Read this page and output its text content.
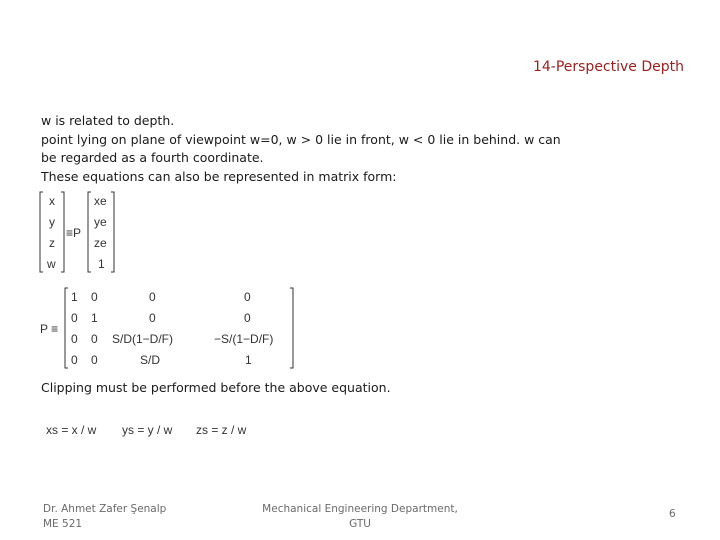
14-Perspective Depth
w is related to depth.
point lying on plane of viewpoint w=0, w > 0 lie in front, w < 0 lie in behind. w can
be regarded as a fourth coordinate.
These equations can also be represented in matrix form:
x
y
z
w
≡P
xe
ye
ze
1
P ≡
1 0	0	0
0 1	0	0
0 0 S/D(1−D/F)	−S/(1−D/F)
0 0	S/D	1
Clipping must be performed before the above equation.
xs = x / w ys = y / w zs = z / w
Dr. Ahmet Zafer Şenalp
ME 521
Mechanical Engineering Department,
GTU
6
